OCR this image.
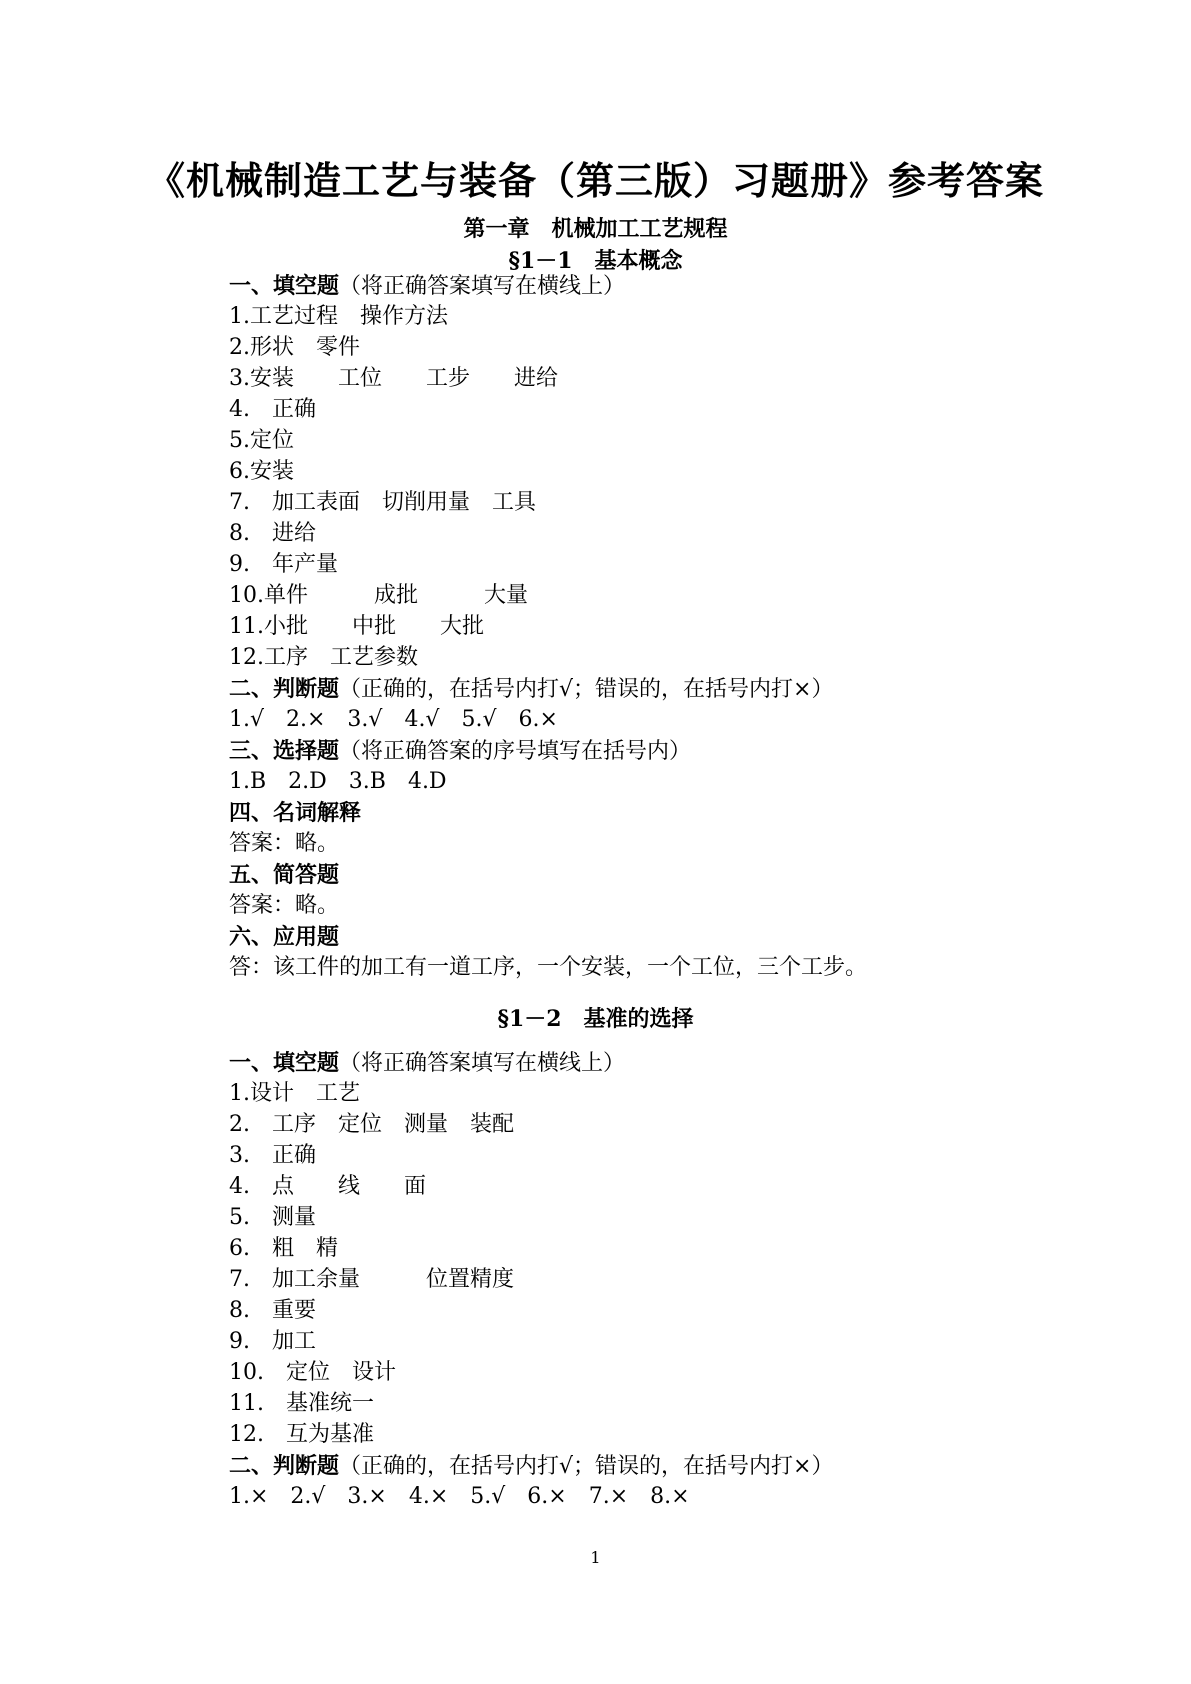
《机械制造工艺与装备（第三版）习题册》参考答案
第一章　机械加工工艺规程
§1－1　基本概念
一、填空题（将正确答案填写在横线上）
1.工艺过程　操作方法
2.形状　零件
3.安装　　工位　　工步　　进给
4.　正确
5.定位
6.安装
7.　加工表面　切削用量　工具
8.　进给
9.　年产量
10.单件　　　成批　　　大量
11.小批　　中批　　大批
12.工序　工艺参数
二、判断题（正确的，在括号内打√；错误的，在括号内打×）
1.√　2.×　3.√　4.√　5.√　6.×
三、选择题（将正确答案的序号填写在括号内）
1.B　2.D　3.B　4.D
四、名词解释
答案：略。
五、简答题
答案：略。
六、应用题
答：该工件的加工有一道工序，一个安装，一个工位，三个工步。
§1－2　基准的选择
一、填空题（将正确答案填写在横线上）
1.设计　工艺
2.　工序　定位　测量　装配
3.　正确
4.　点　　线　　面
5.　测量
6.　粗　精
7.　加工余量　　　位置精度
8.　重要
9.　加工
10.　定位　设计
11.　基准统一
12.　互为基准
二、判断题（正确的，在括号内打√；错误的，在括号内打×）
1.×　2.√　3.×　4.×　5.√　6.×　7.×　8.×
1
